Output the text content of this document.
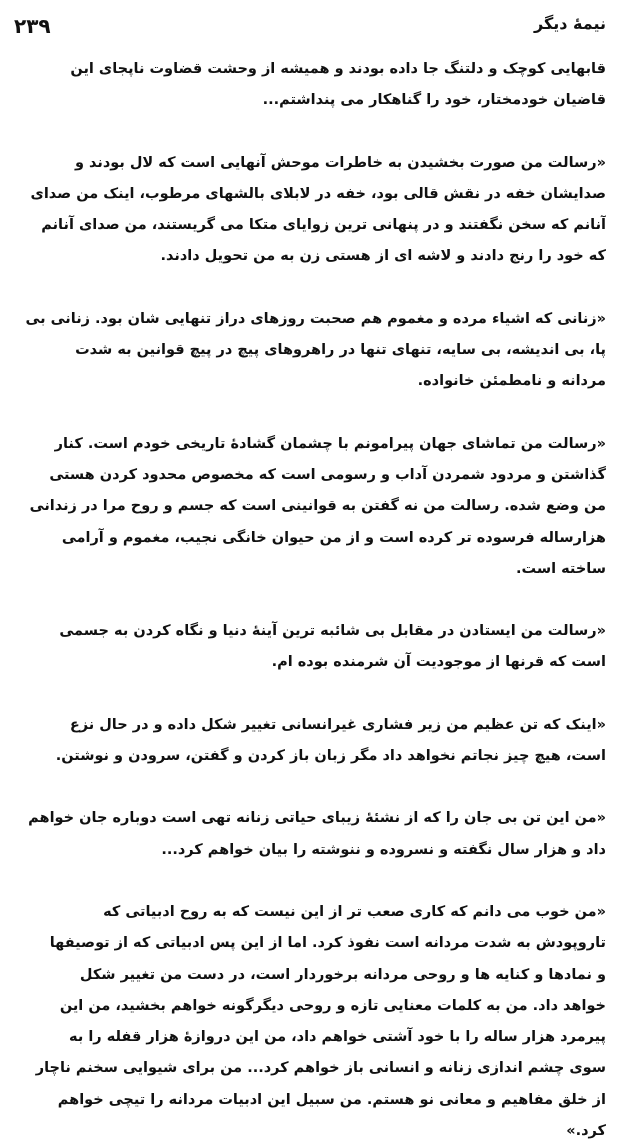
۲۳۹	نیمهٔ دیگر
قابهایی کوچک و دلتنگ جا داده بودند و همیشه از وحشت قضاوت ناپجای این
قاضیان خودمختار، خود را گناهکار می پنداشتم...
«رسالت من صورت بخشیدن به خاطرات موحش آنهایی است که لال بودند و
صدایشان خفه در نقش قالی بود، خفه در لابلای بالشهای مرطوب، اینک من صدای
آنانم که سخن نگفتند و در پنهانی ترین زوایای متکا می گریستند، من صدای آنانم
که خود را رنج دادند و لاشه ای از هستی زن به من تحویل دادند.
«زنانی که اشیاء مرده و مغموم هم صحبت روزهای دراز تنهایی شان بود. زنانی بی
پا، بی اندیشه، بی سایه، تنهای تنها در راهروهای پیچ در پیچ قوانین به شدت
مردانه و نامطمئن خانواده.
«رسالت من تماشای جهان پیرامونم با چشمان گشادهٔ تاریخی خودم است. کنار
گذاشتن و مردود شمردن آداب و رسومی است که مخصوص محدود کردن هستی
من وضع شده. رسالت من نه گفتن به قوانینی است که جسم و روح مرا در زندانی
هزارساله فرسوده تر کرده است و از من حیوان خانگی نجیب، مغموم و آرامی
ساخته است.
«رسالت من ایستادن در مقابل بی شائبه ترین آینهٔ دنیا و نگاه کردن به جسمی
است که قرنها از موجودیت آن شرمنده بوده ام.
«اینک که تن عظیم من زیر فشاری غیرانسانی تغییر شکل داده و در حال نزع
است، هیچ چیز نجاتم نخواهد داد مگر زبان باز کردن و گفتن، سرودن و نوشتن.
«من این تن بی جان را که از نشئهٔ زیبای حیاتی زنانه تهی است دوباره جان خواهم
داد و هزار سال نگفته و نسروده و ننوشته را بیان خواهم کرد...
«من خوب می دانم که کاری صعب تر از این نیست که به روح ادبیاتی که
تاروپودش به شدت مردانه است نفوذ کرد. اما از این پس ادبیاتی که از توصیفها
و نمادها و کنایه ها و روحی مردانه برخوردار است، در دست من تغییر شکل
خواهد داد. من به کلمات معنایی تازه و روحی دیگرگونه خواهم بخشید، من این
پیرمرد هزار ساله را با خود آشتی خواهم داد، من این دروازهٔ هزار قفله را به
سوی چشم اندازی زنانه و انسانی باز خواهم کرد... من برای شیوایی سخنم ناچار
از خلق مفاهیم و معانی نو هستم. من سبیل این ادبیات مردانه را تیچی خواهم
کرد.»
